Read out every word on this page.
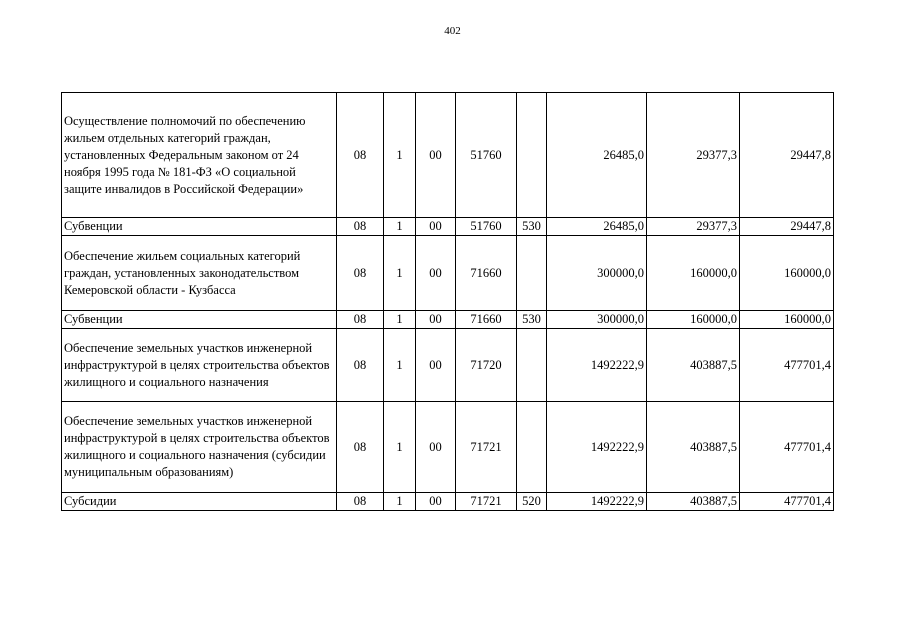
402
Осуществление полномочий по обеспечению жильем отдельных категорий граждан, установленных Федеральным законом от 24 ноября 1995 года № 181-ФЗ «О социальной защите инвалидов в Российской Федерации»	08	1	00	51760		26485,0	29377,3	29447,8
Субвенции	08	1	00	51760	530	26485,0	29377,3	29447,8
Обеспечение жильем социальных категорий граждан, установленных законодательством Кемеровской области - Кузбасса	08	1	00	71660		300000,0	160000,0	160000,0
Субвенции	08	1	00	71660	530	300000,0	160000,0	160000,0
Обеспечение земельных участков инженерной инфраструктурой в целях строительства объектов жилищного и социального назначения	08	1	00	71720		1492222,9	403887,5	477701,4
Обеспечение земельных участков инженерной инфраструктурой в целях строительства объектов жилищного и социального назначения (субсидии муниципальным образованиям)	08	1	00	71721		1492222,9	403887,5	477701,4
Субсидии	08	1	00	71721	520	1492222,9	403887,5	477701,4
